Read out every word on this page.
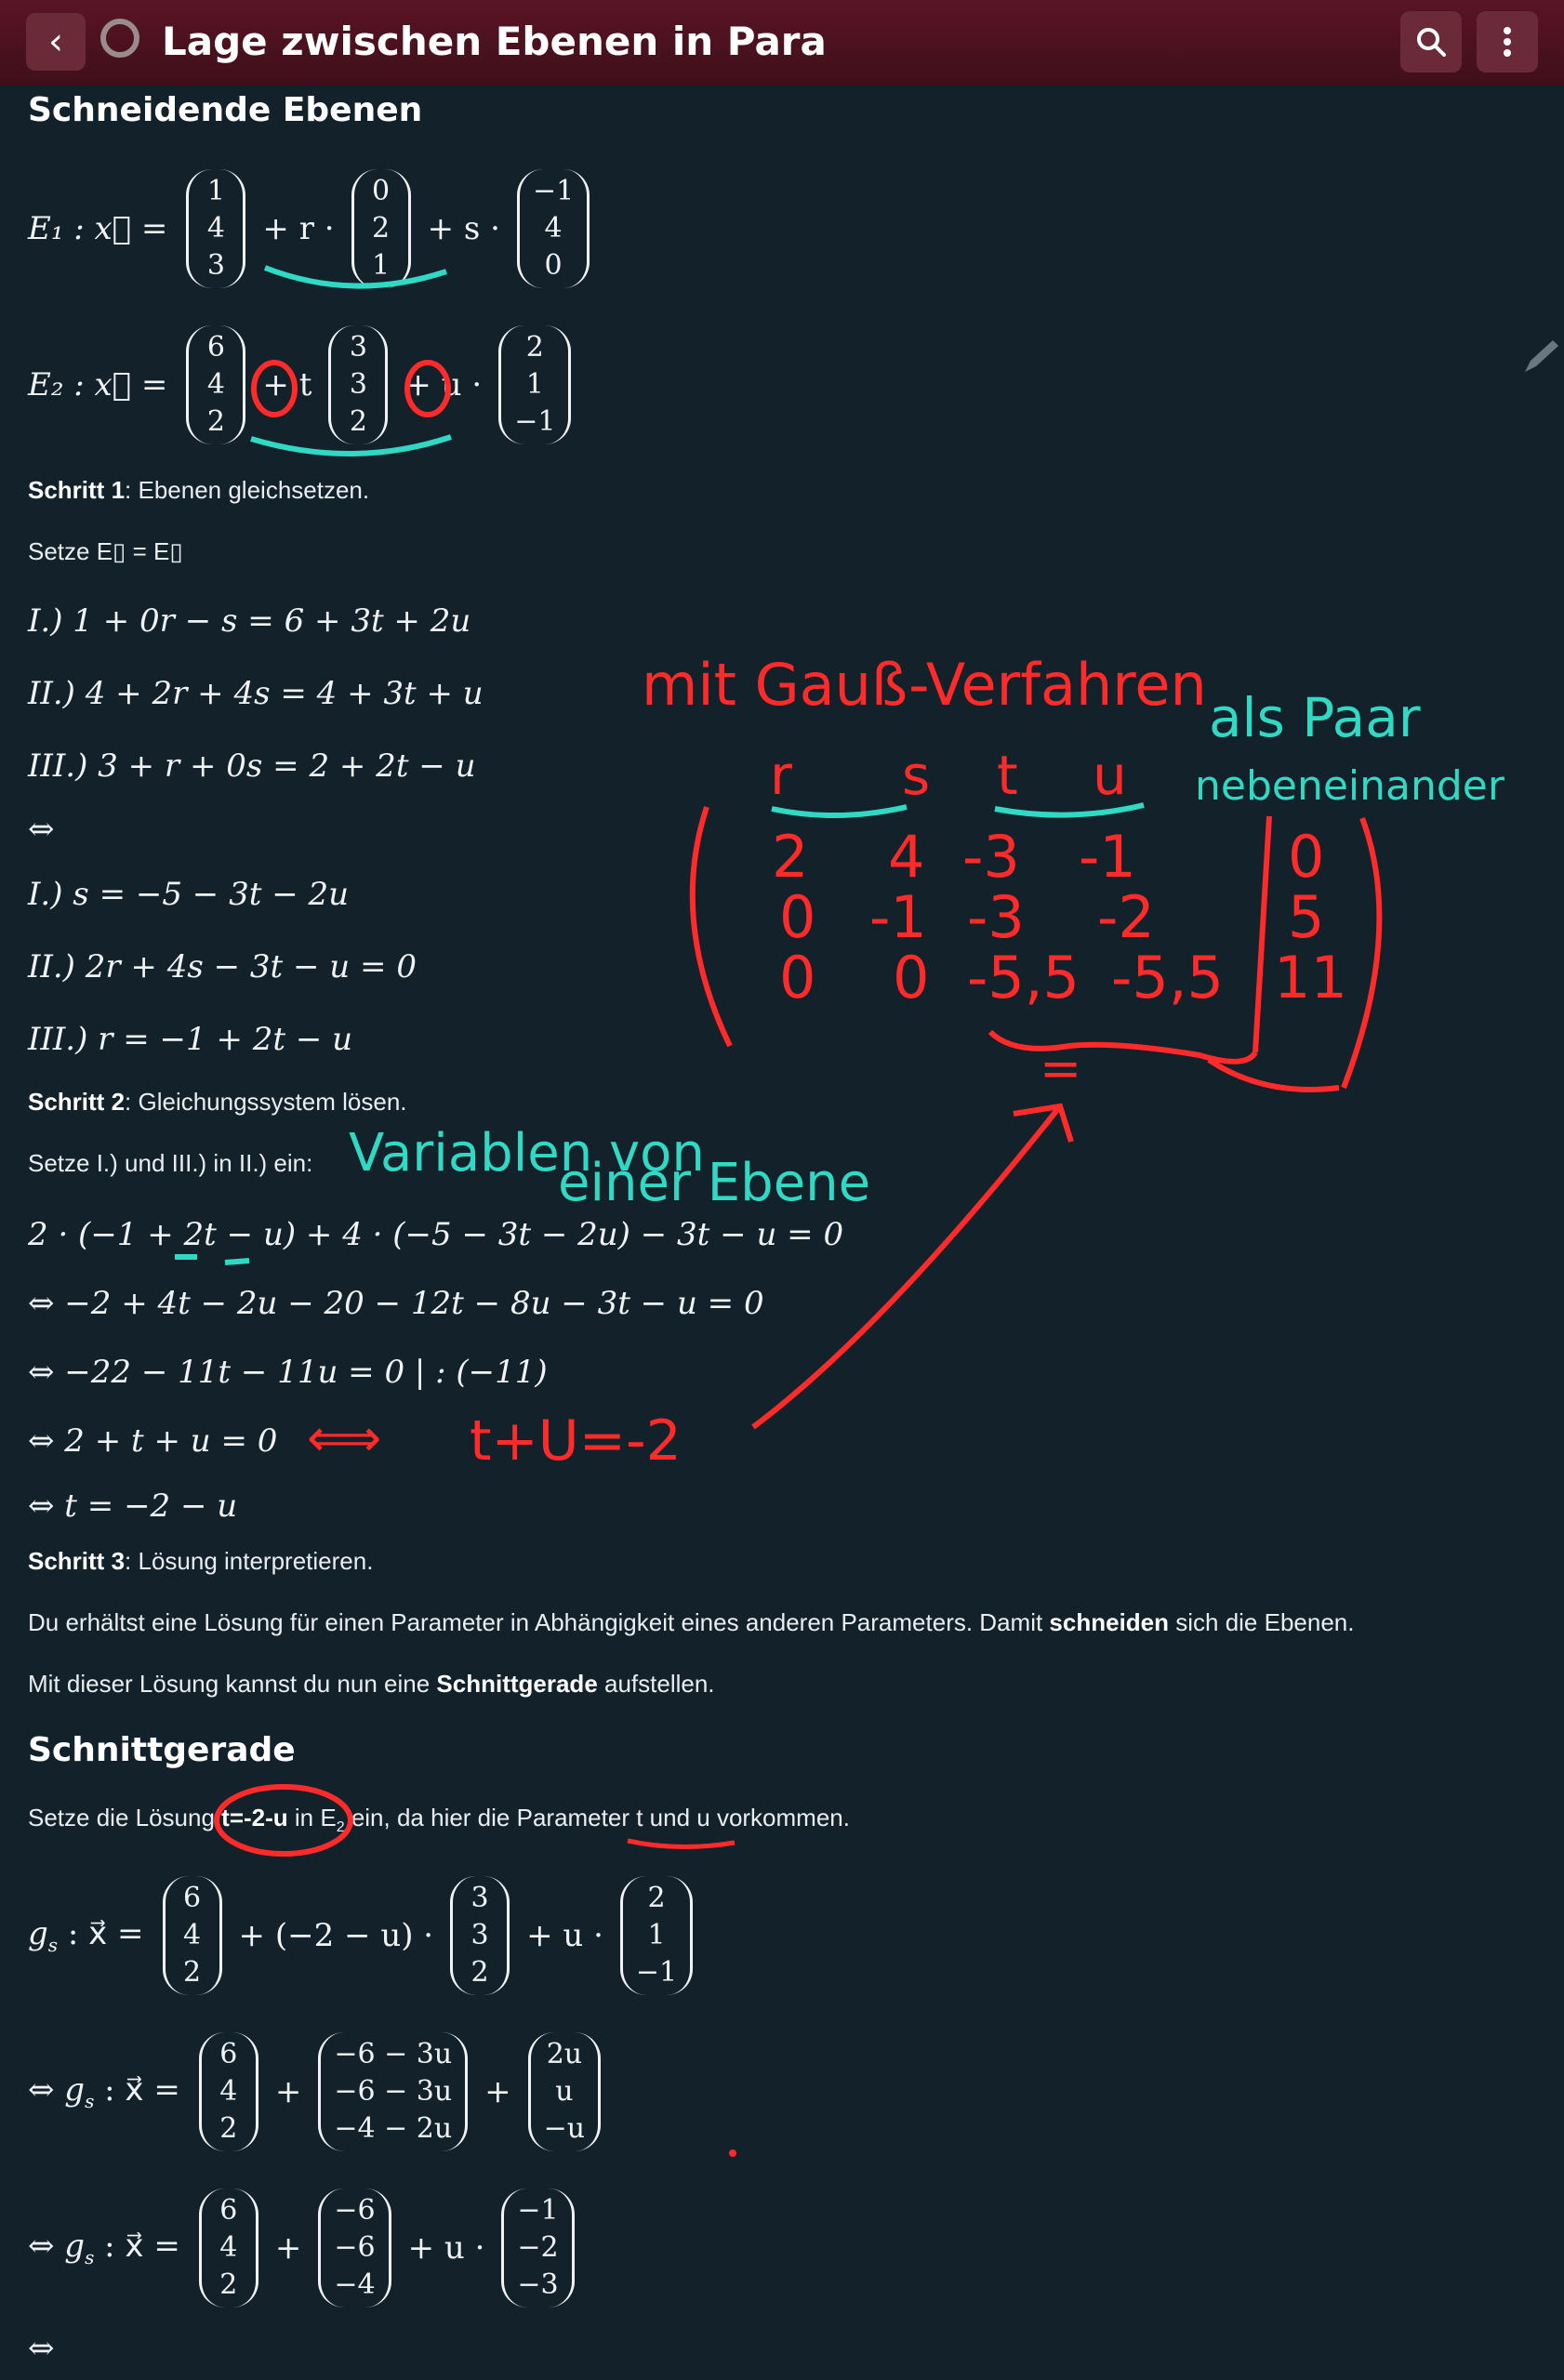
‹	Lage zwischen Ebenen in Para
Schneidende Ebenen
E₁ : x⃗ =
1
4
3
+ r ·
0
2
1
+ s ·
−1
4
0
E₂ : x⃗ =
6
4
2
+ t
3
3
2
+ u ·
2
1
−1
Schritt 1: Ebenen gleichsetzen.
Setze E▯ = E▯
I.) 1 + 0r − s = 6 + 3t + 2u
II.) 4 + 2r + 4s = 4 + 3t + u
III.) 3 + r + 0s = 2 + 2t − u
⇔
I.) s = −5 − 3t − 2u
II.) 2r + 4s − 3t − u = 0
III.) r = −1 + 2t − u
Schritt 2: Gleichungssystem lösen.
Setze I.) und III.) in II.) ein:
2 · (−1 + 2t − u) + 4 · (−5 − 3t − 2u) − 3t − u = 0
⇔ −2 + 4t − 2u − 20 − 12t − 8u − 3t − u = 0
⇔ −22 − 11t − 11u = 0 | : (−11)
⇔ 2 + t + u = 0
⇔ t = −2 − u
Schritt 3: Lösung interpretieren.
Du erhältst eine Lösung für einen Parameter in Abhängigkeit eines anderen Parameters. Damit schneiden sich die Ebenen.
Mit dieser Lösung kannst du nun eine Schnittgerade aufstellen.
Schnittgerade
Setze die Lösung t=-2-u in $E_2$ ein, da hier die Parameter t und u vorkommen.
$g_s$ : x⃗ =
6
4
2
+ (−2 − u) ·
3
3
2
+ u ·
2
1
−1
⇔ $g_s$ : x⃗ =
6
4
2
+
−6 − 3u
−6 − 3u
−4 − 2u
+
2u
u
−u
⇔ $g_s$ : x⃗ =
6
4
2
+
−6
−6
−4
+ u ·
−1
−2
−3
⇔
mit Gauß-Verfahren als Paar
nebeneinander
r s t u
2 4 -3 -1	0
0 -1 -3 -2 5
0 0 -5,5 -5,5 11
=
Variablen von
einer Ebene
⟺ t+U=-2
